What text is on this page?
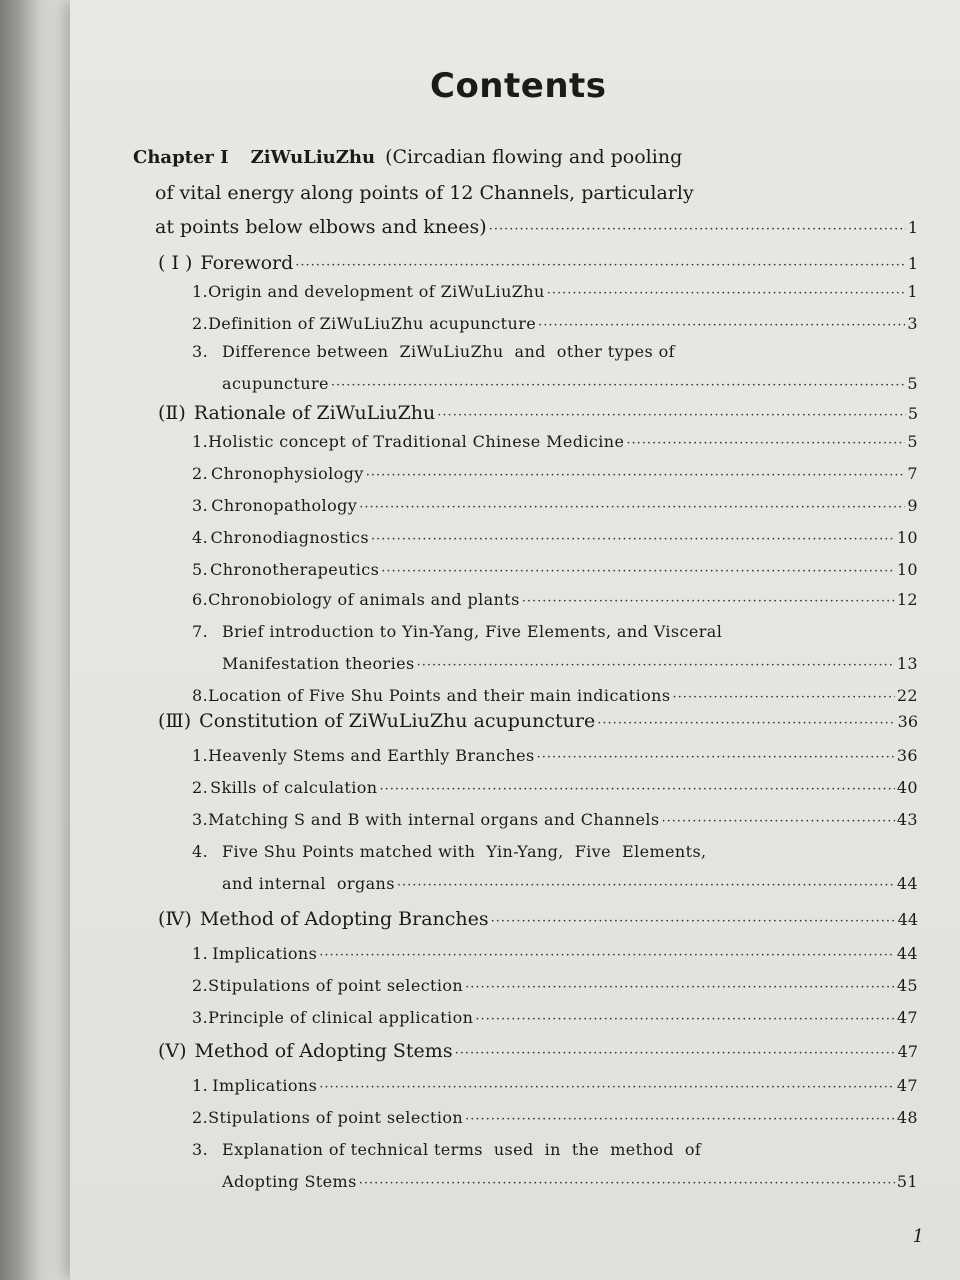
Contents
Chapter I ZiWuLiuZhu (Circadian flowing and pooling
of vital energy along points of 12 Channels, particularly
at points below elbows and knees) ·····	1
( I ) Foreword ·····	1
1. Origin and development of ZiWuLiuZhu ·····	1
2. Definition of ZiWuLiuZhu acupuncture ·····	3
3. Difference between  ZiWuLiuZhu  and  other types of
acupuncture ·····	5
(Ⅱ) Rationale of ZiWuLiuZhu ·····	5
1. Holistic concept of Traditional Chinese Medicine ·····	5
2. Chronophysiology ·····	7
3. Chronopathology ·····	9
4. Chronodiagnostics ·····	10
5. Chronotherapeutics ·····	10
6. Chronobiology of animals and plants ·····	12
7. Brief introduction to Yin-Yang, Five Elements, and Visceral
Manifestation theories ·····	13
8. Location of Five Shu Points and their main indications ·····	22
(Ⅲ) Constitution of ZiWuLiuZhu acupuncture ·····	36
1. Heavenly Stems and Earthly Branches ·····	36
2. Skills of calculation ·····	40
3. Matching S and B with internal organs and Channels ·····	43
4. Five Shu Points matched with  Yin-Yang,  Five  Elements,
and internal  organs ·····	44
(Ⅳ) Method of Adopting Branches ·····	44
1. Implications ·····	44
2. Stipulations of point selection ·····	45
3. Principle of clinical application ·····	47
(Ⅴ) Method of Adopting Stems ·····	47
1. Implications ·····	47
2. Stipulations of point selection ·····	48
3. Explanation of technical terms  used  in  the  method  of
Adopting Stems ·····	51
1
